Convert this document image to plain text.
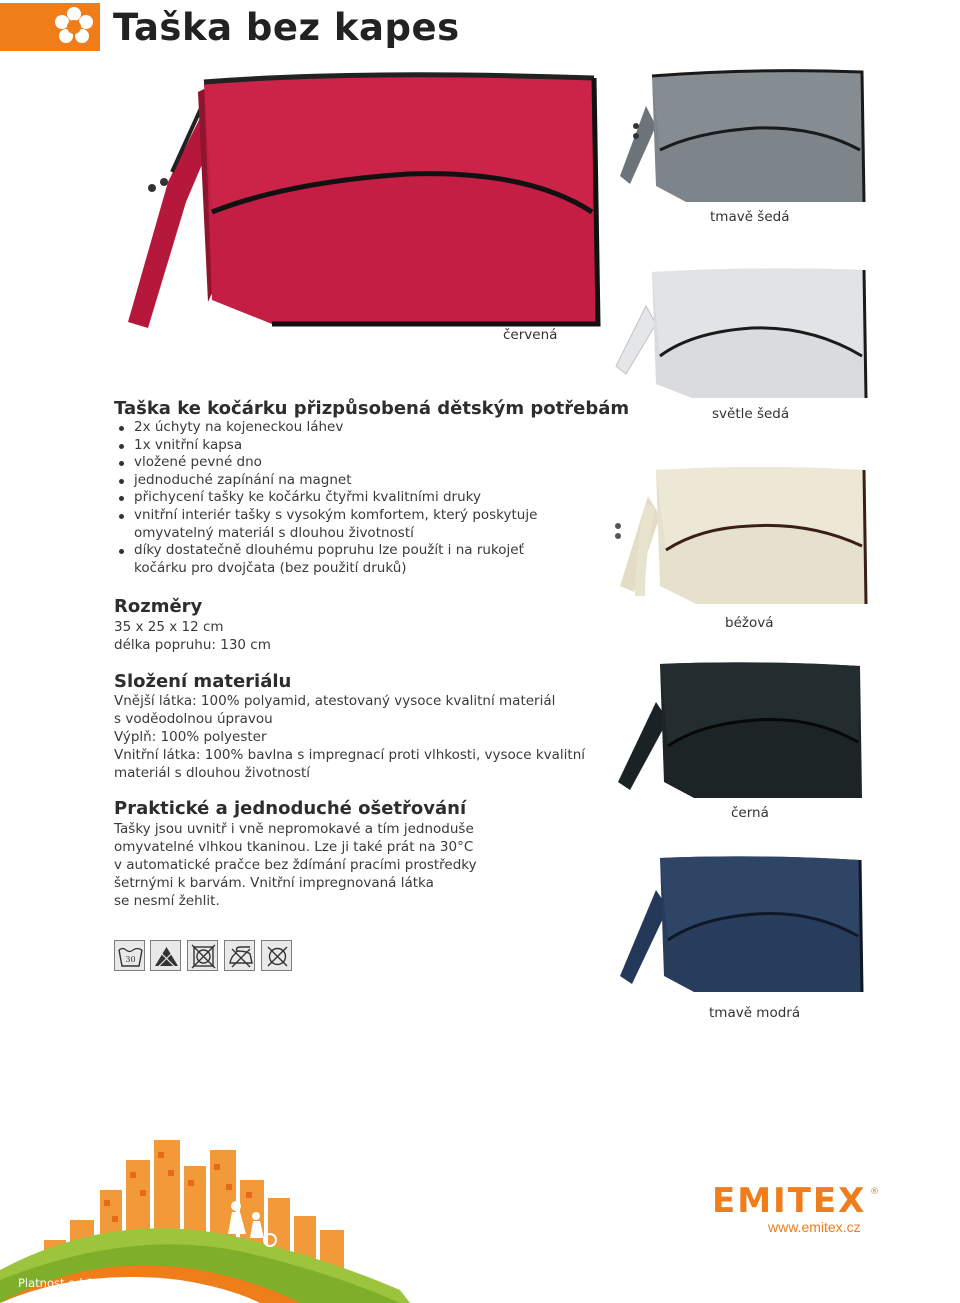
Taška bez kapes
červená
tmavě šedá
světle šedá
béžová
černá
tmavě modrá
Taška ke kočárku přizpůsobená dětským potřebám
2x úchyty na kojeneckou láhev
1x vnitřní kapsa
vložené pevné dno
jednoduché zapínání na magnet
přichycení tašky ke kočárku čtyřmi kvalitními druky
vnitřní interiér tašky s vysokým komfortem, který poskytuje
omyvatelný materiál s dlouhou životností
díky dostatečně dlouhému popruhu lze použít i na rukojeť
kočárku pro dvojčata (bez použití druků)
Rozměry
35 x 25 x 12 cm
délka popruhu: 130 cm
Složení materiálu
Vnější látka: 100% polyamid, atestovaný vysoce kvalitní materiál
s voděodolnou úpravou
Výplň: 100% polyester
Vnitřní látka: 100% bavlna s impregnací proti vlhkosti, vysoce kvalitní
materiál s dlouhou životností
Praktické a jednoduché ošetřování
Tašky jsou uvnitř i vně nepromokavé a tím jednoduše
omyvatelné vlhkou tkaninou. Lze ji také prát na 30°C
v automatické pračce bez ždímání pracími prostředky
šetrnými k barvám. Vnitřní impregnovaná látka
se nesmí žehlit.
30
Platnost od 04/2012
EMITEX ®
www.emitex.cz
